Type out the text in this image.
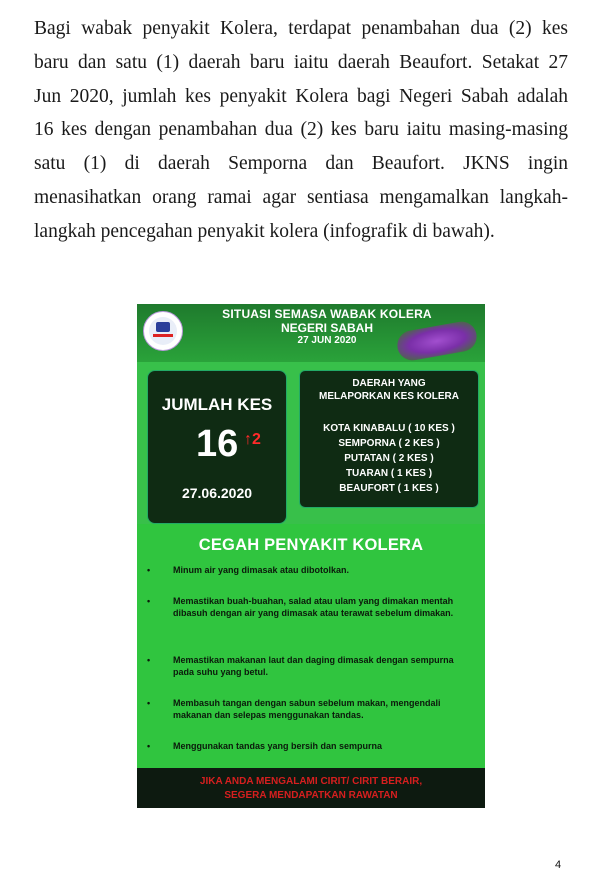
Bagi wabak penyakit Kolera, terdapat penambahan dua (2) kes
baru dan satu (1) daerah baru iaitu daerah Beaufort. Setakat 27
Jun 2020, jumlah kes penyakit Kolera bagi Negeri Sabah adalah
16 kes dengan penambahan dua (2) kes baru iaitu masing-masing
satu (1) di daerah Semporna dan Beaufort. JKNS ingin
menasihatkan orang ramai agar sentiasa mengamalkan langkah-
langkah pencegahan penyakit kolera (infografik di bawah).
SITUASI SEMASA WABAK KOLERA
NEGERI SABAH
27 JUN 2020
JUMLAH KES
16 ↑2
27.06.2020
DAERAH YANG
MELAPORKAN KES KOLERA
KOTA KINABALU ( 10 KES )
SEMPORNA ( 2 KES )
PUTATAN ( 2 KES )
TUARAN ( 1 KES )
BEAUFORT ( 1 KES )
CEGAH PENYAKIT KOLERA
•	Minum air yang dimasak atau dibotolkan.
•	Memastikan buah-buahan, salad atau ulam yang dimakan mentah dibasuh dengan air yang dimasak atau terawat sebelum dimakan.
•	Memastikan makanan laut dan daging dimasak dengan sempurna pada suhu yang betul.
•	Membasuh tangan dengan sabun sebelum makan, mengendali makanan dan selepas menggunakan tandas.
•	Menggunakan tandas yang bersih dan sempurna
JIKA ANDA MENGALAMI CIRIT/ CIRIT BERAIR,
SEGERA MENDAPATKAN RAWATAN
4
